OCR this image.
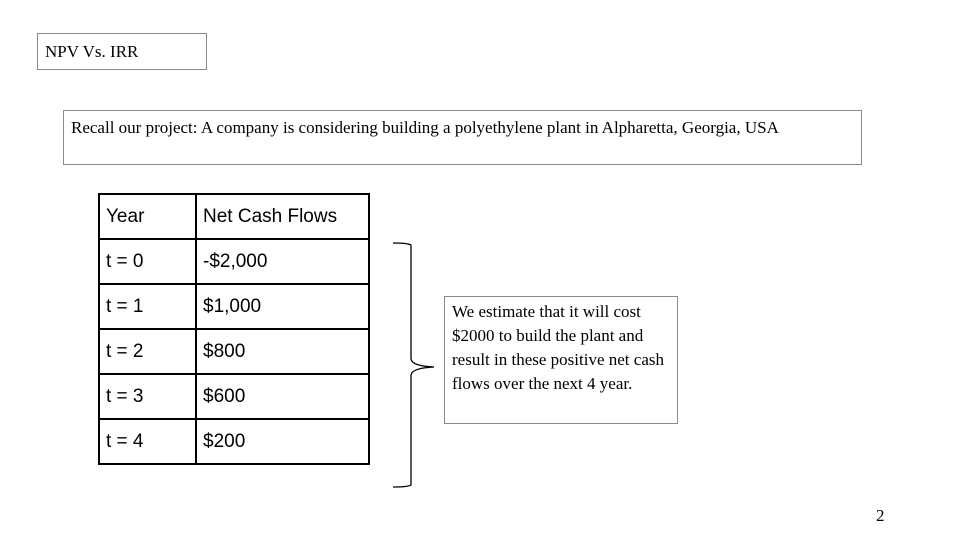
NPV Vs. IRR
Recall our project: A company is considering building a polyethylene plant in Alpharetta, Georgia, USA
Year	Net Cash Flows
t = 0	-$2,000
t = 1	$1,000
t = 2	$800
t = 3	$600
t = 4	$200
We estimate that it will cost $2000 to build the plant and result in these positive net cash flows over the next 4 year.
2
